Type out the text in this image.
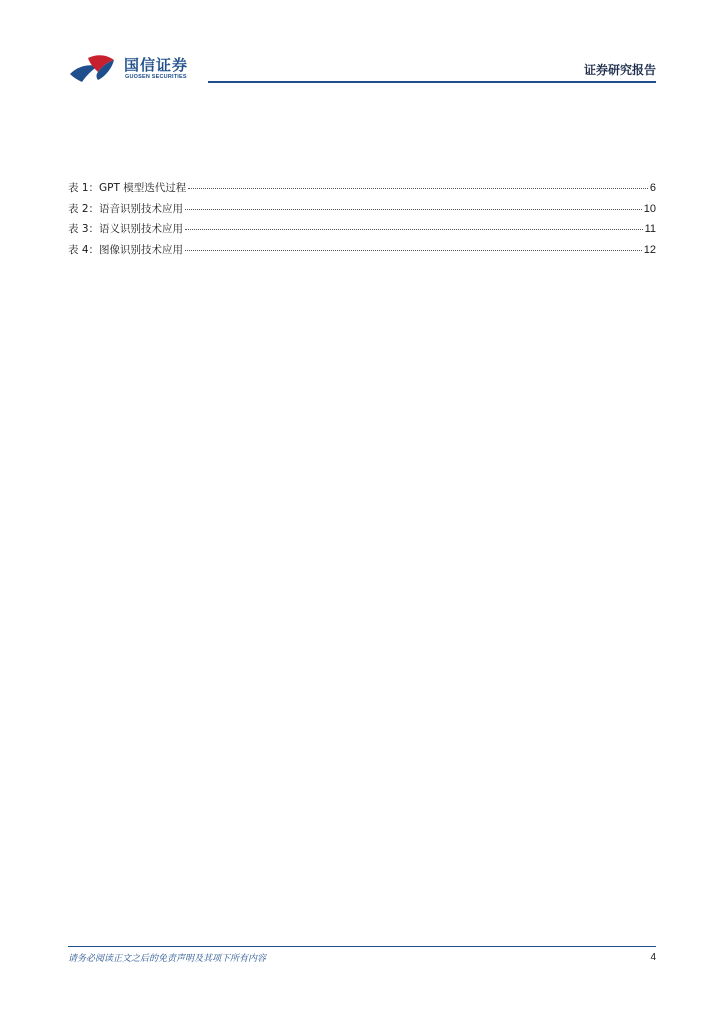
国信证券
GUOSEN SECURITIES	证券研究报告
表 1： GPT 模型迭代过程	6
表 2： 语音识别技术应用	10
表 3： 语义识别技术应用	11
表 4： 图像识别技术应用	12
请务必阅读正文之后的免责声明及其项下所有内容	4
